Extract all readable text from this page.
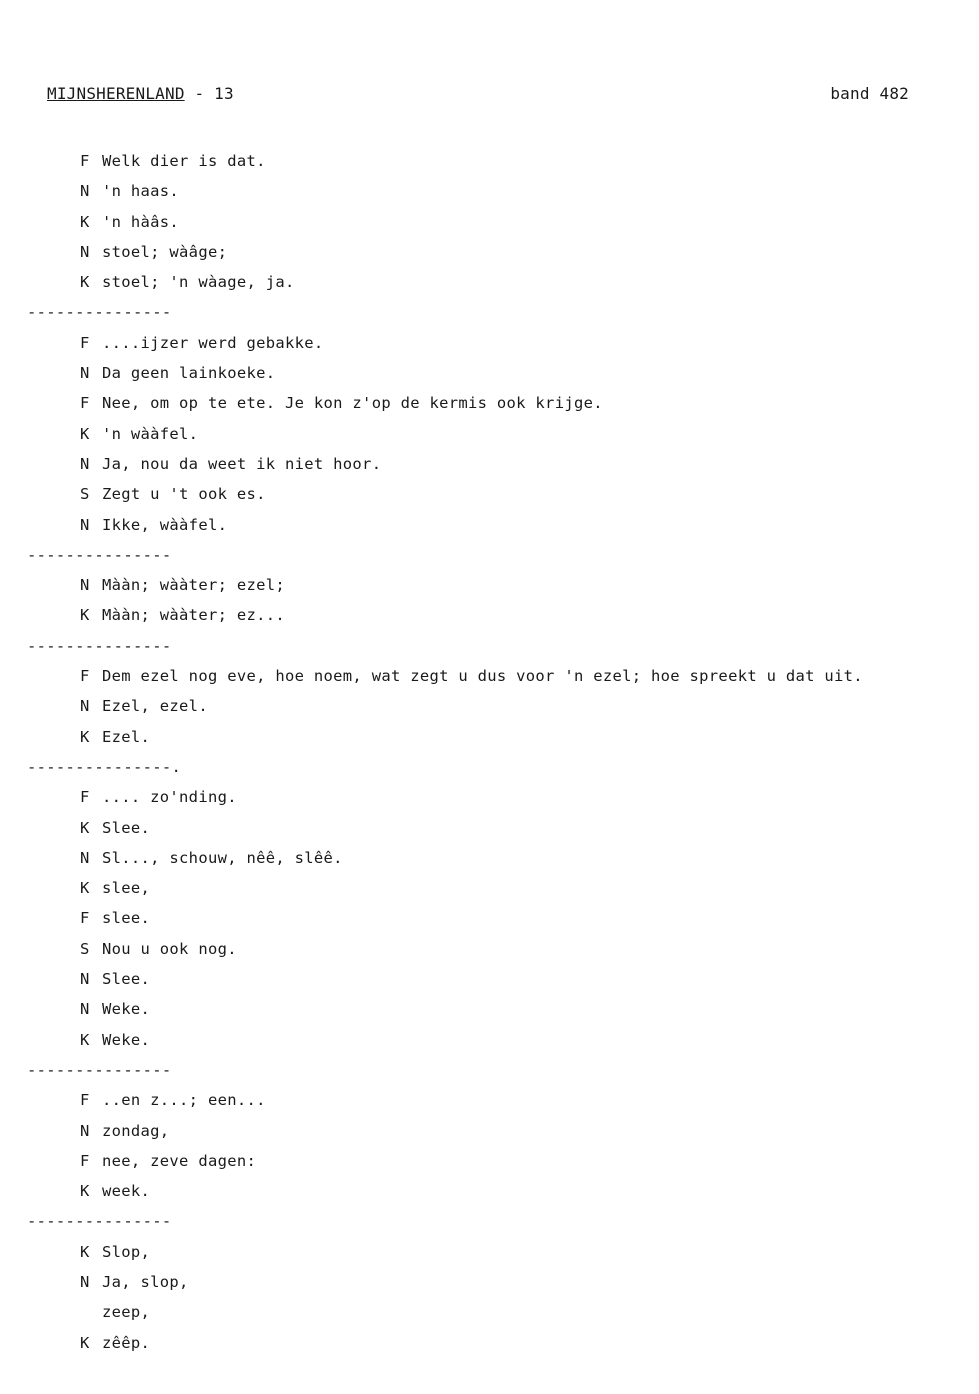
MIJNSHERENLAND - 13	band 482
F Welk dier is dat.
N 'n haas.
K 'n hàâs.
N stoel; wàâge;
K stoel; 'n wàage, ja.
---------------
F ....ijzer werd gebakke.
N Da geen lainkoeke.
F Nee, om op te ete. Je kon z'op de kermis ook krijge.
K 'n wààfel.
N Ja, nou da weet ik niet hoor.
S Zegt u 't ook es.
N Ikke, wààfel.
---------------
N Mààn; wààter; ezel;
K Mààn; wààter; ez...
---------------
F Dem ezel nog eve, hoe noem, wat zegt u dus voor 'n ezel; hoe spreekt u dat uit.
N Ezel, ezel.
K Ezel.
---------------.
F .... zo'nding.
K Slee.
N Sl..., schouw, nêê, slêê.
K slee,
F slee.
S Nou u ook nog.
N Slee.
N Weke.
K Weke.
---------------
F ..en z...; een...
N zondag,
F nee, zeve dagen:
K week.
---------------
K Slop,
N Ja, slop,
zeep,
K zêêp.
